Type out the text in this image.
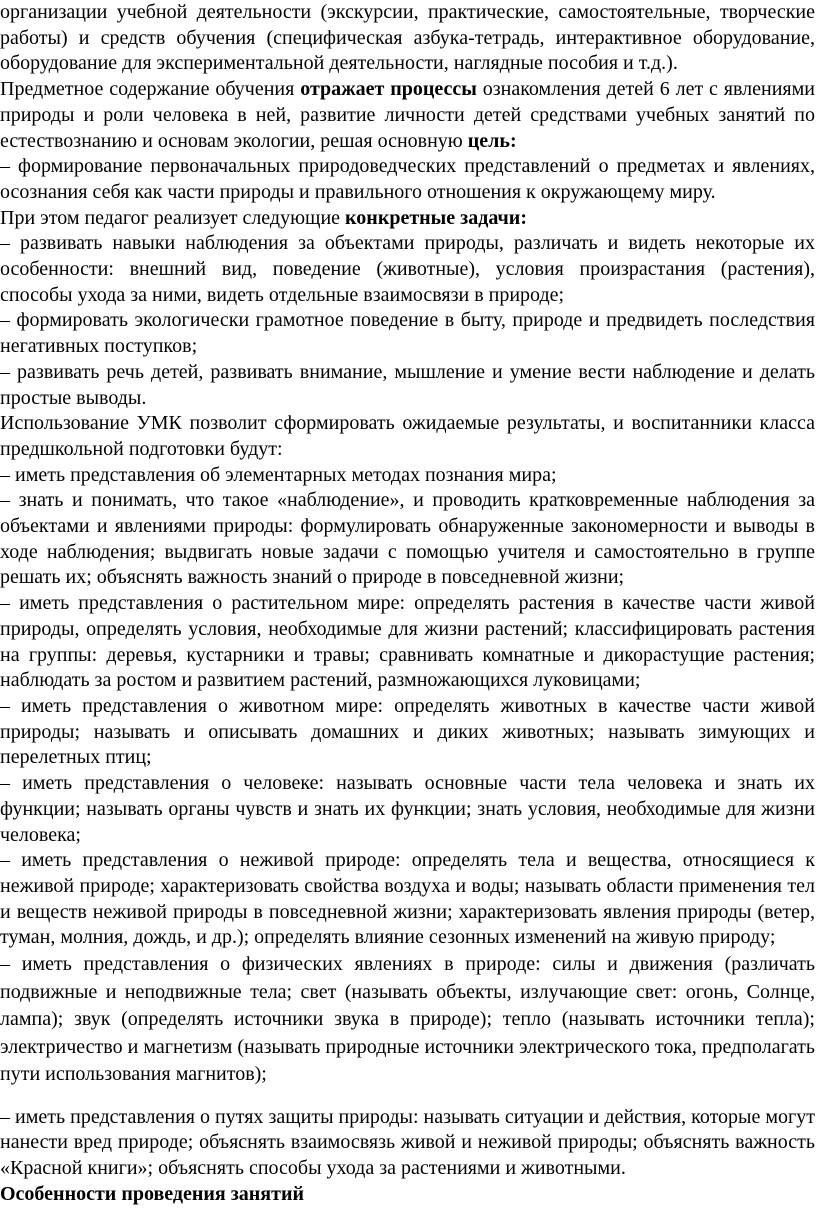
организации учебной деятельности (экскурсии, практические, самостоятельные, творческие работы) и средств обучения (специфическая азбука-тетрадь, интерактивное оборудование, оборудование для экспериментальной деятельности, наглядные пособия и т.д.).

Предметное содержание обучения отражает процессы ознакомления детей 6 лет с явлениями природы и роли человека в ней, развитие личности детей средствами учебных занятий по естествознанию и основам экологии, решая основную цель:

– формирование первоначальных природоведческих представлений о предметах и явлениях, осознания себя как части природы и правильного отношения к окружающему миру.

При этом педагог реализует следующие конкретные задачи:

– развивать навыки наблюдения за объектами природы, различать и видеть некоторые их особенности: внешний вид, поведение (животные), условия произрастания (растения), способы ухода за ними, видеть отдельные взаимосвязи в природе;

– формировать экологически грамотное поведение в быту, природе и предвидеть последствия негативных поступков;

– развивать речь детей, развивать внимание, мышление и умение вести наблюдение и делать простые выводы.

Использование УМК позволит сформировать ожидаемые результаты, и воспитанники класса предшкольной подготовки будут:

– иметь представления об элементарных методах познания мира;

– знать и понимать, что такое «наблюдение», и проводить кратковременные наблюдения за объектами и явлениями природы: формулировать обнаруженные закономерности и выводы в ходе наблюдения; выдвигать новые задачи с помощью учителя и самостоятельно в группе решать их; объяснять важность знаний о природе в повседневной жизни;

– иметь представления о растительном мире: определять растения в качестве части живой природы, определять условия, необходимые для жизни растений; классифицировать растения на группы: деревья, кустарники и травы; сравнивать комнатные и дикорастущие растения; наблюдать за ростом и развитием растений, размножающихся луковицами;

– иметь представления о животном мире: определять животных в качестве части живой природы; называть и описывать домашних и диких животных; называть зимующих и перелетных птиц;

– иметь представления о человеке: называть основные части тела человека и знать их функции; называть органы чувств и знать их функции; знать условия, необходимые для жизни человека;

– иметь представления о неживой природе: определять тела и вещества, относящиеся к неживой природе; характеризовать свойства воздуха и воды; называть области применения тел и веществ неживой природы в повседневной жизни; характеризовать явления природы (ветер, туман, молния, дождь, и др.); определять влияние сезонных изменений на живую природу;

– иметь представления о физических явлениях в природе: силы и движения (различать подвижные и неподвижные тела; свет (называть объекты, излучающие свет: огонь, Солнце, лампа); звук (определять источники звука в природе); тепло (называть источники тепла); электричество и магнетизм (называть природные источники электрического тока, предполагать пути использования магнитов);

– иметь представления о путях защиты природы: называть ситуации и действия, которые могут нанести вред природе; объяснять взаимосвязь живой и неживой природы; объяснять важность «Красной книги»; объяснять способы ухода за растениями и животными.

Особенности проведения занятий
